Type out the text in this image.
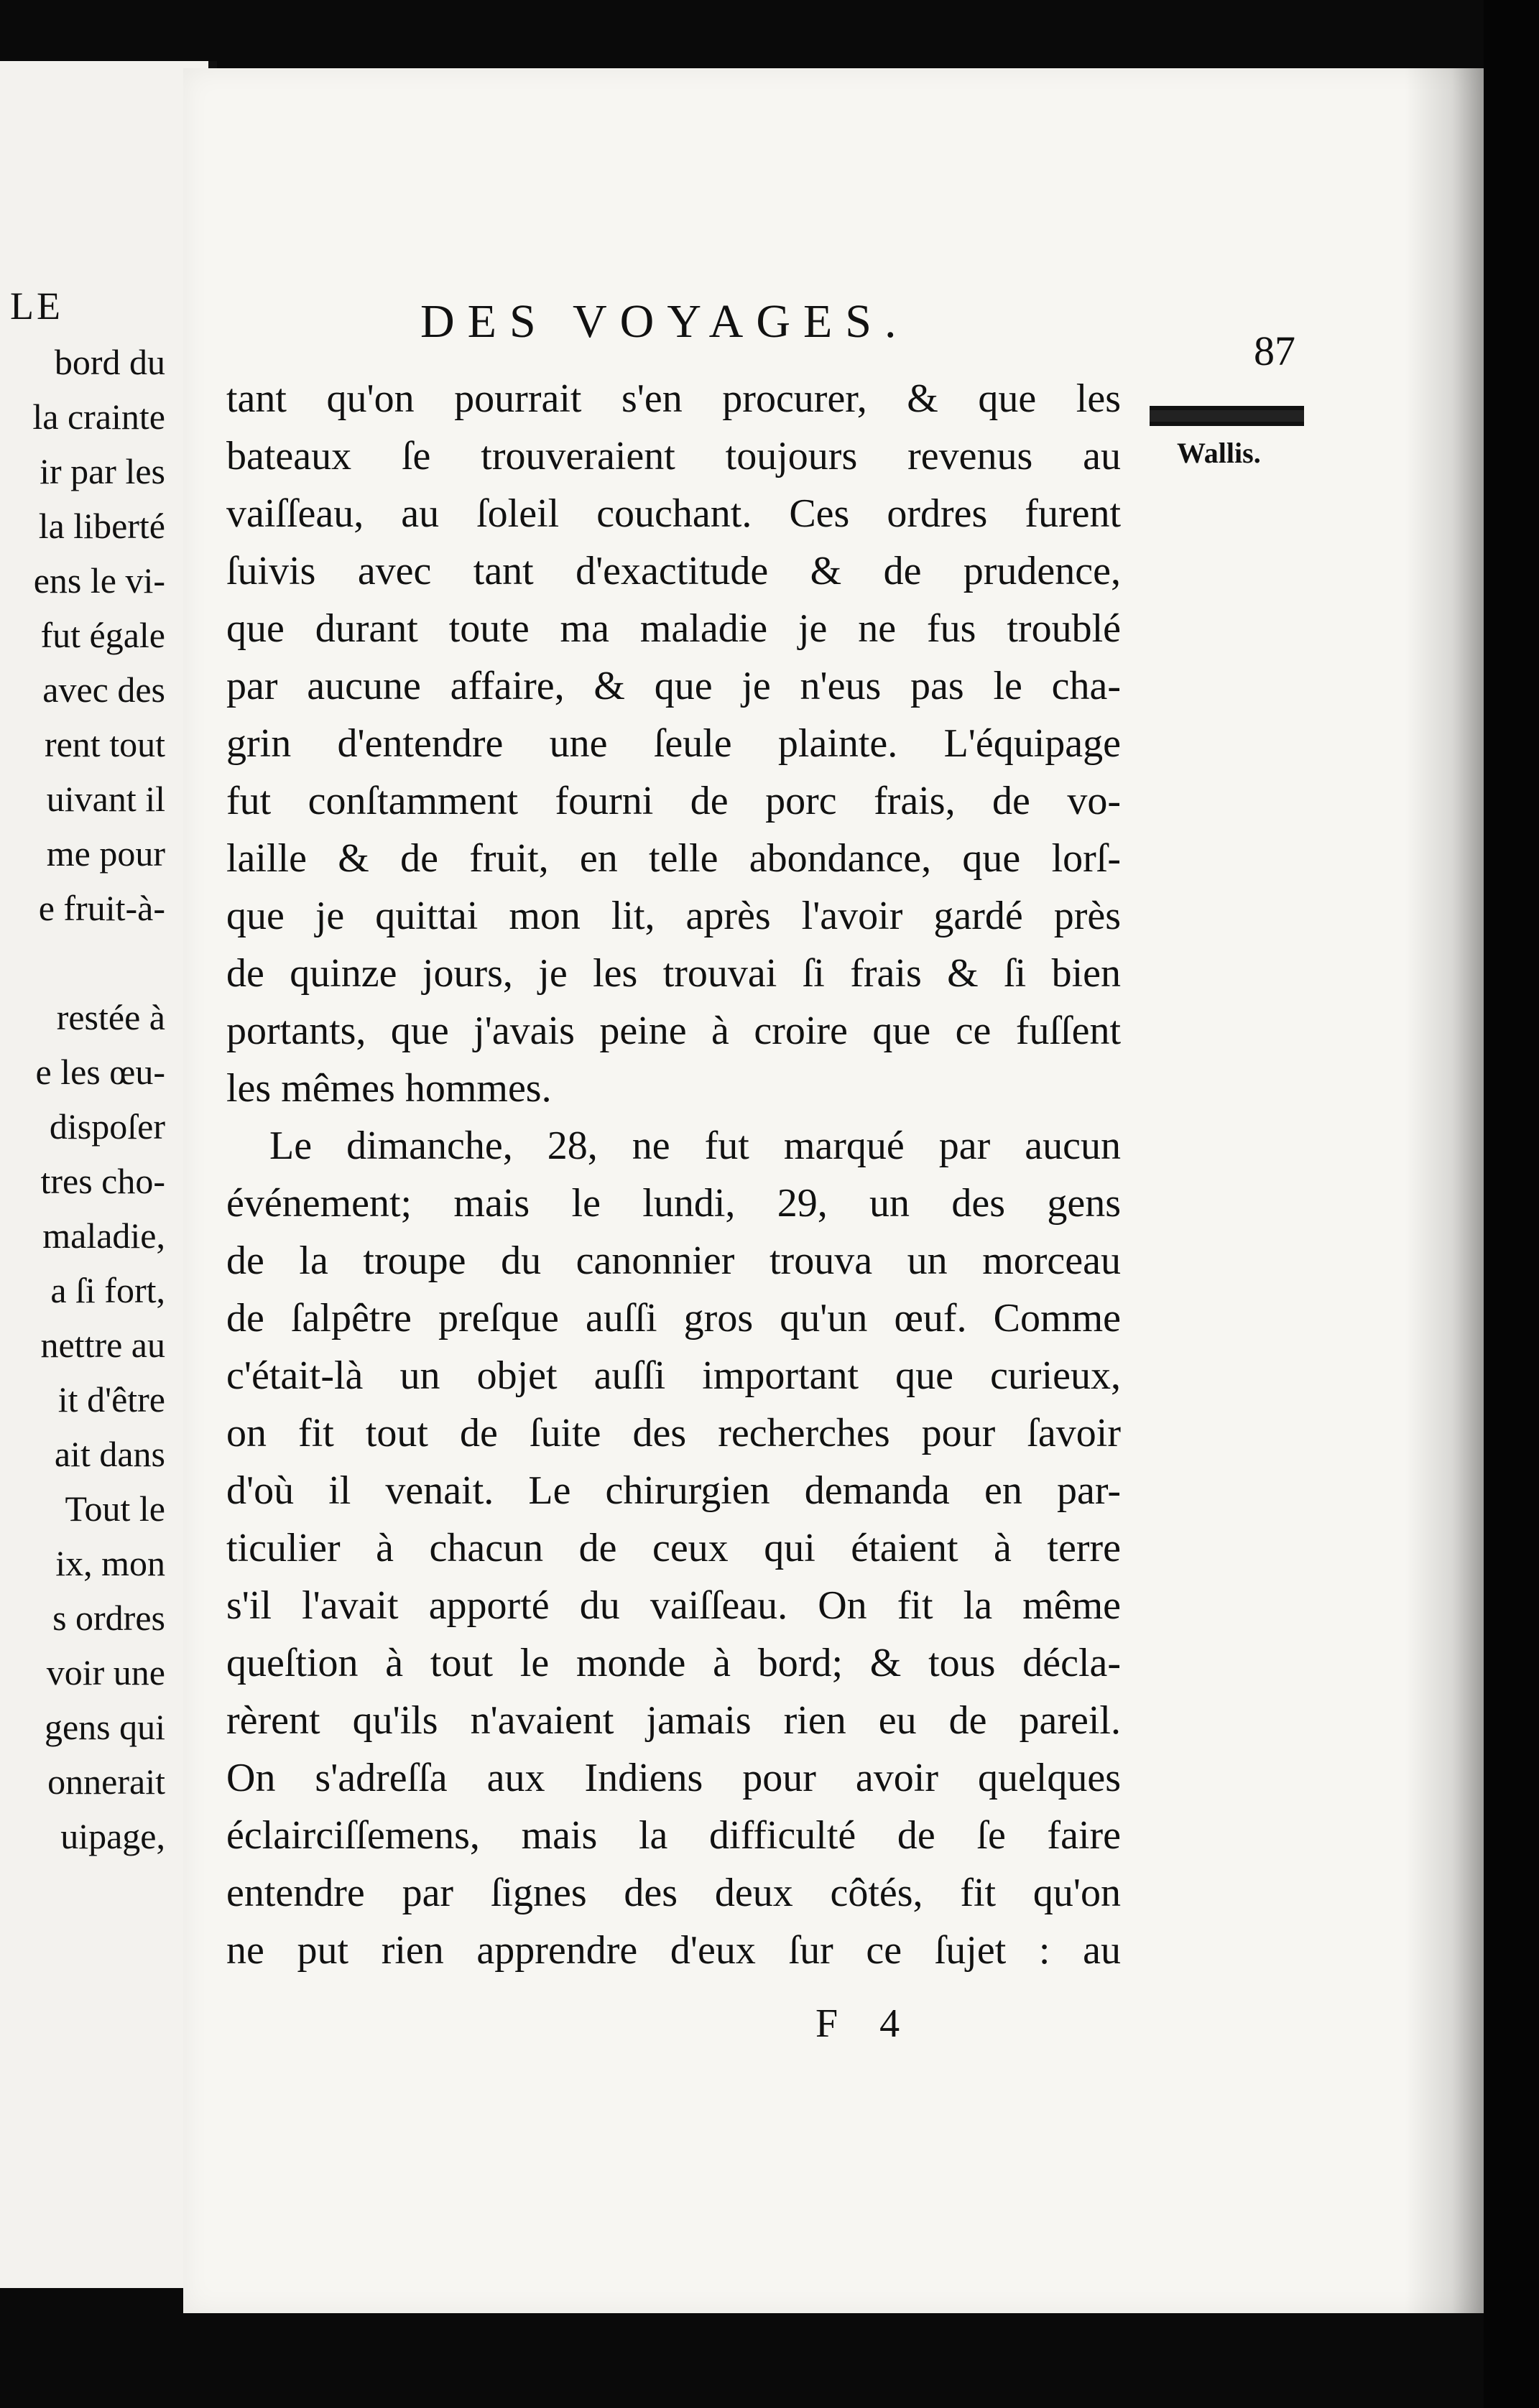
LE
bord du
la crainte
ir par les
la liberté
ens le vi-
fut égale
avec des
rent tout
uivant il
me pour
e fruit-à-
restée à
e les œu-
dispoſer
tres cho-
maladie,
a ſi fort,
nettre au
it d'être
ait dans
Tout le
ix, mon
s ordres
voir une
gens qui
onnerait
uipage,
DES VOYAGES.
87
Wallis.
tant qu'on pourrait s'en procurer, & que les
bateaux ſe trouveraient toujours revenus au
vaiſſeau, au ſoleil couchant. Ces ordres furent
ſuivis avec tant d'exactitude & de prudence,
que durant toute ma maladie je ne fus troublé
par aucune affaire, & que je n'eus pas le cha-
grin d'entendre une ſeule plainte. L'équipage
fut conſtamment fourni de porc frais, de vo-
laille & de fruit, en telle abondance, que lorſ-
que je quittai mon lit, après l'avoir gardé près
de quinze jours, je les trouvai ſi frais & ſi bien
portants, que j'avais peine à croire que ce fuſſent
les mêmes hommes.
Le dimanche, 28, ne fut marqué par aucun
événement; mais le lundi, 29, un des gens
de la troupe du canonnier trouva un morceau
de ſalpêtre preſque auſſi gros qu'un œuf. Comme
c'était-là un objet auſſi important que curieux,
on fit tout de ſuite des recherches pour ſavoir
d'où il venait. Le chirurgien demanda en par-
ticulier à chacun de ceux qui étaient à terre
s'il l'avait apporté du vaiſſeau. On fit la même
queſtion à tout le monde à bord; & tous décla-
rèrent qu'ils n'avaient jamais rien eu de pareil.
On s'adreſſa aux Indiens pour avoir quelques
éclairciſſemens, mais la difficulté de ſe faire
entendre par ſignes des deux côtés, fit qu'on
ne put rien apprendre d'eux ſur ce ſujet : au
F 4
